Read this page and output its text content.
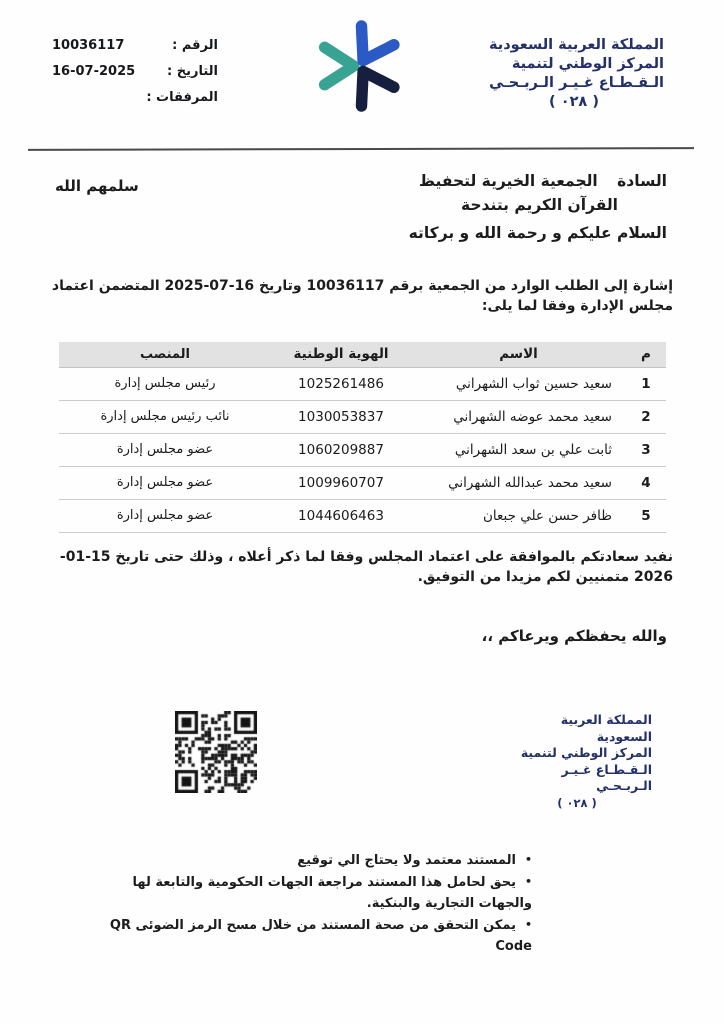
الرقم :
10036117
التاريخ :
16-07-2025
المرفقات :
المملكة العربية السعودية
المركز الوطني لتنمية
الـقـطـاع غـيـر الـربـحـي
( ٠٢٨ )
السادة الجمعية الخيرية لتحفيظ
القرآن الكريم بتندحة
سلمهم الله
السلام عليكم و رحمة الله و بركاته

إشارة إلى الطلب الوارد من الجمعية برقم 10036117 وتاريخ 16-07-2025 المتضمن اعتماد مجلس الإدارة وفقا لما يلى:

م	الاسم	الهوية الوطنية	المنصب
1	سعيد حسين ثواب الشهراني	1025261486	رئيس مجلس إدارة
2	سعيد محمد عوضه الشهراني	1030053837	نائب رئيس مجلس إدارة
3	ثابت علي بن سعد الشهراني	1060209887	عضو مجلس إدارة
4	سعيد محمد عبدالله الشهراني	1009960707	عضو مجلس إدارة
5	ظافر حسن علي جبعان	1044606463	عضو مجلس إدارة

نفيد سعادتكم بالموافقة على اعتماد المجلس وفقا لما ذكر أعلاه ، وذلك حتى تاريخ 15-01-2026 متمنيين لكم مزيدا من التوفيق.

والله يحفظكم ويرعاكم ،،
المملكة العربية السعودية
المركز الوطني لتنمية
الـقـطـاع غـيـر الـربـحـي
( ٠٢٨ )
• المستند معتمد ولا يحتاج الي توقيع
• يحق لحامل هذا المستند مراجعة الجهات الحكومية والتابعة لها والجهات التجارية والبنكية.
• يمكن التحقق من صحة المستند من خلال مسح الرمز الضوئى QR Code
